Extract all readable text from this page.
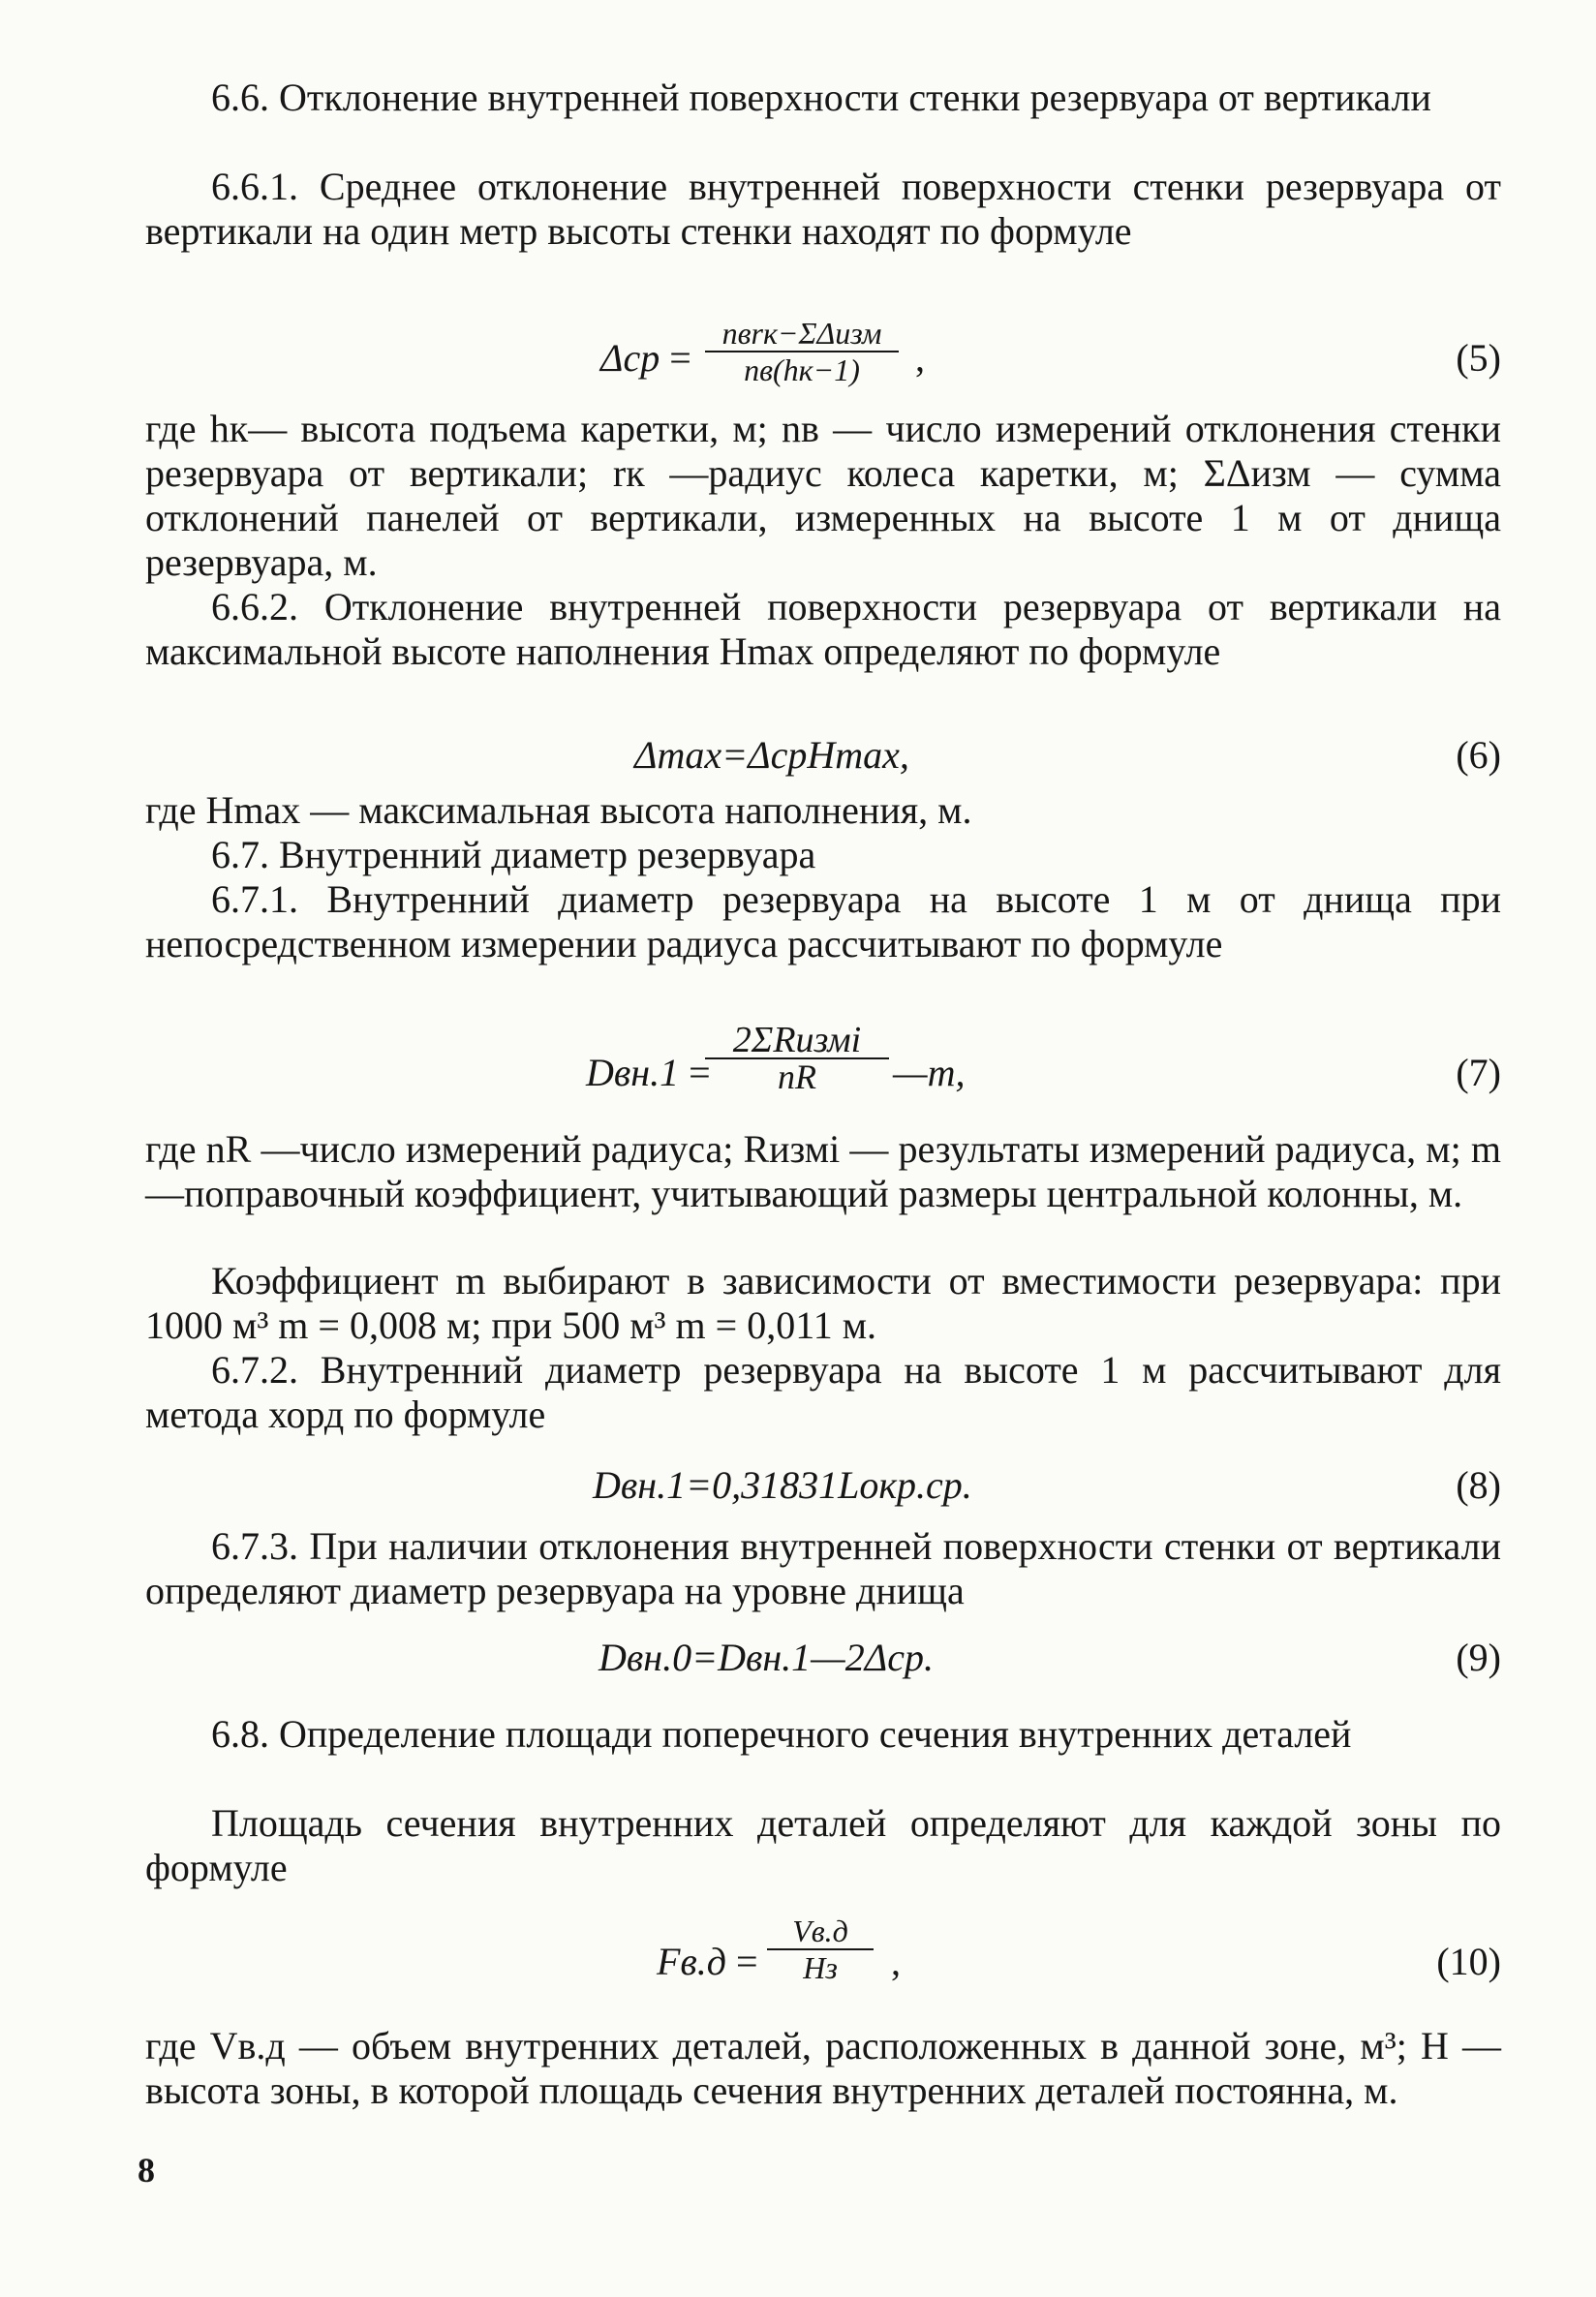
6.6. Отклонение внутренней поверхности стенки резервуара от вертикали

6.6.1. Среднее отклонение внутренней поверхности стенки резервуара от вертикали на один метр высоты стенки находят по формуле

Δср =
nвrк−ΣΔизм
nв(hк−1)	,	(5)

где hк— высота подъема каретки, м; nв — число измерений отклонения стенки резервуара от вертикали; rк —радиус колеса каретки, м; ΣΔизм — сумма отклонений панелей от вертикали, измеренных на высоте 1 м от днища резервуара, м.

6.6.2. Отклонение внутренней поверхности резервуара от вертикали на максимальной высоте наполнения Hmax определяют по формуле

Δmax=ΔсрHmax,	(6)

где Hmax — максимальная высота наполнения, м.

6.7. Внутренний диаметр резервуара

6.7.1. Внутренний диаметр резервуара на высоте 1 м от днища при непосредственном измерении радиуса рассчитывают по формуле

Dвн.1 =
2ΣRизмi
nR	—m,	(7)

где nR —число измерений радиуса; Rизмi — результаты измерений радиуса, м; m—поправочный коэффициент, учитывающий размеры центральной колонны, м.

Коэффициент m выбирают в зависимости от вместимости резервуара: при 1000 м³ m = 0,008 м; при 500 м³ m = 0,011 м.

6.7.2. Внутренний диаметр резервуара на высоте 1 м рассчитывают для метода хорд по формуле

Dвн.1=0,31831Lокр.ср.	(8)

6.7.3. При наличии отклонения внутренней поверхности стенки от вертикали определяют диаметр резервуара на уровне днища

Dвн.0=Dвн.1—2Δср.	(9)

6.8. Определение площади поперечного сечения внутренних деталей

Площадь сечения внутренних деталей определяют для каждой зоны по формуле

Fв.д =
Vв.д
Hз	,	(10)

где Vв.д — объем внутренних деталей, расположенных в данной зоне, м³; H — высота зоны, в которой площадь сечения внутренних деталей постоянна, м.

8
